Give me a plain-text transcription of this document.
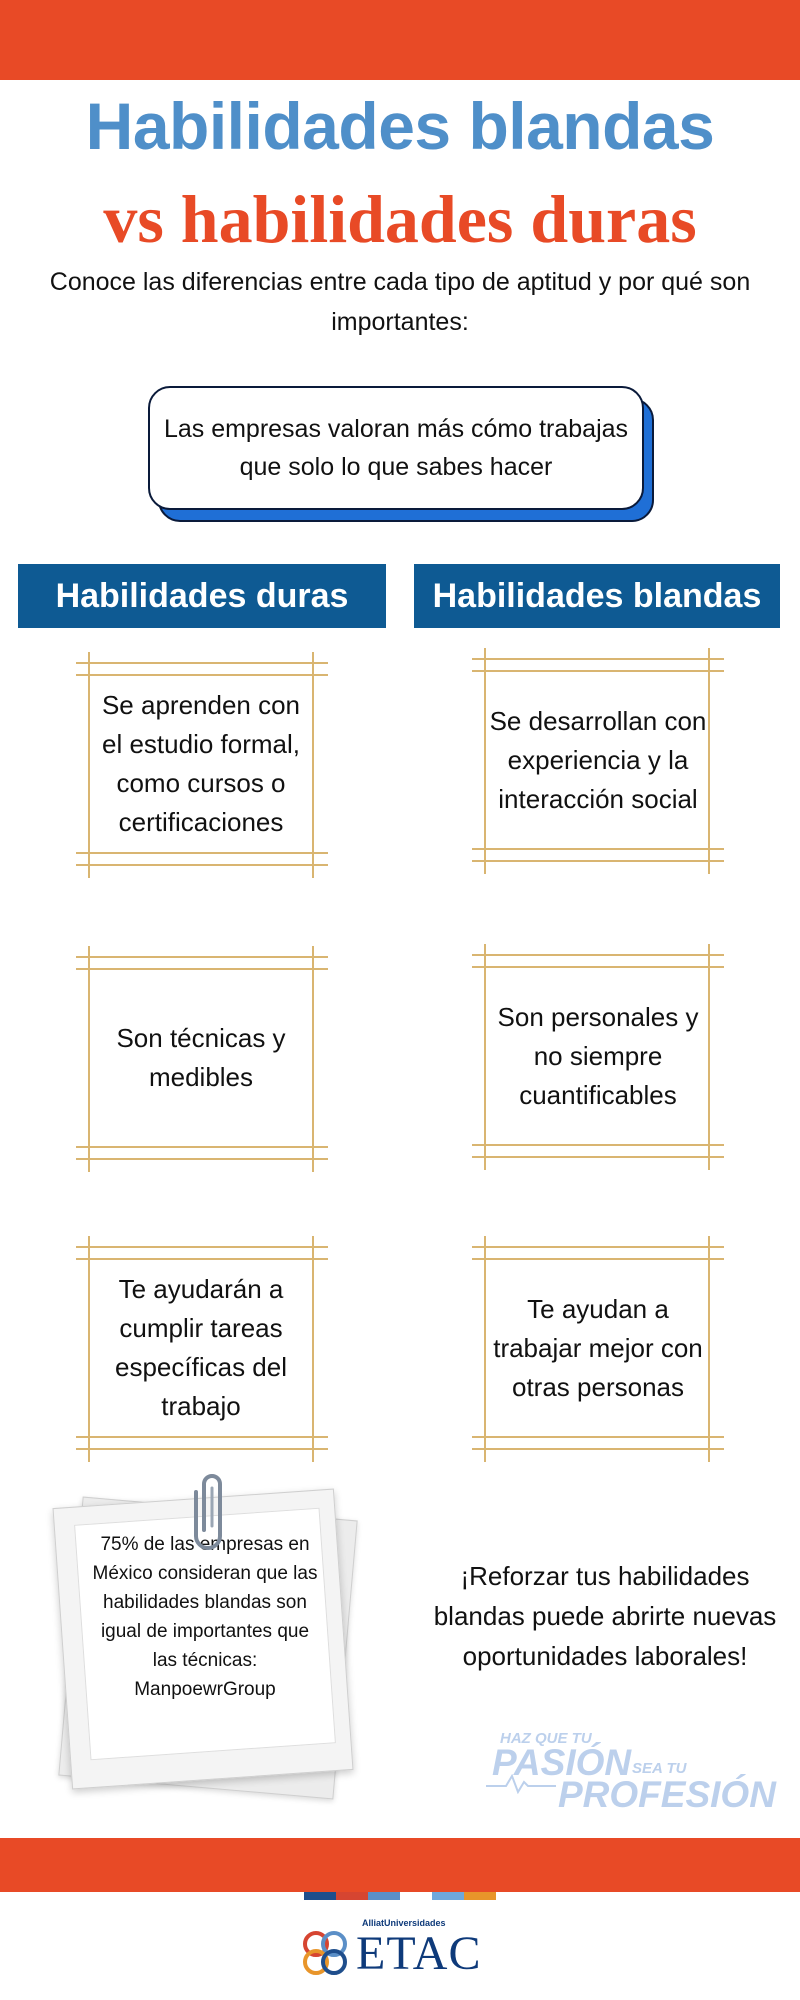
Habilidades blandas
vs habilidades duras
Conoce las diferencias entre cada tipo de aptitud y por qué son importantes:
Las empresas valoran más cómo trabajas que solo lo que sabes hacer
Habilidades duras	Habilidades blandas
Se aprenden con el estudio formal, como cursos o certificaciones
Son técnicas y medibles
Te ayudarán a cumplir tareas específicas del trabajo
Se desarrollan con experiencia y la interacción social
Son personales y no siempre cuantificables
Te ayudan a trabajar mejor con otras personas
75% de las empresas en México consideran que las habilidades blandas son igual de importantes que las técnicas: ManpoewrGroup
¡Reforzar tus habilidades blandas puede abrirte nuevas oportunidades laborales!
HAZ QUE TU
PASIÓN SEA TU
PROFESIÓN
AlliatUniversidades
ETAC
